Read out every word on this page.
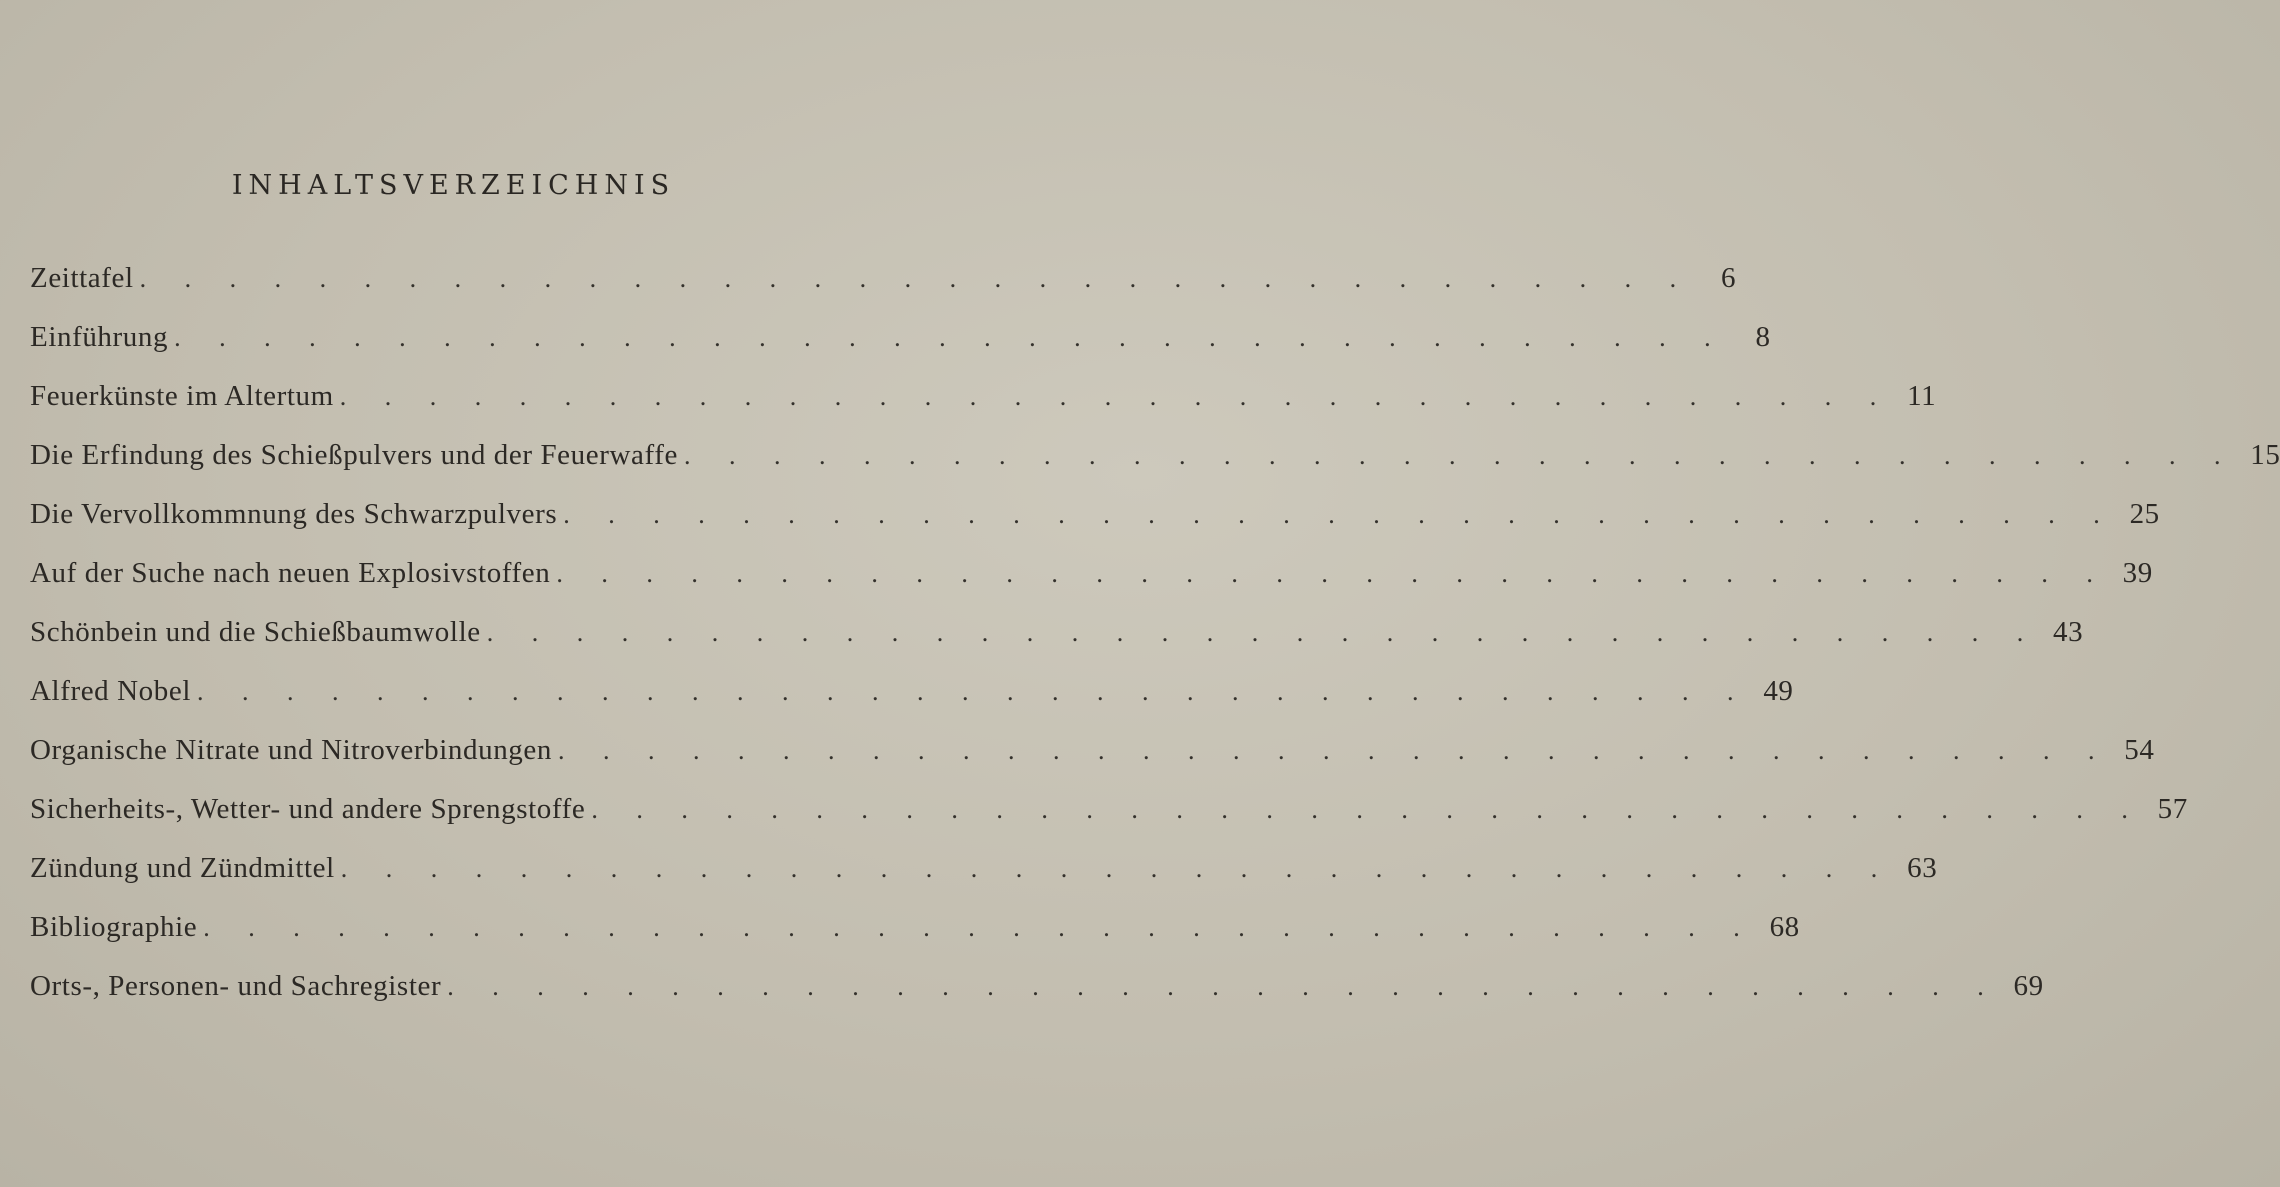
INHALTSVERZEICHNIS
Zeittafel . . . . . . . . . . . . . . . . . . . . . . . . . . . . . . . . . . . 6
Einführung . . . . . . . . . . . . . . . . . . . . . . . . . . . . . . . . . . . 8
Feuerkünste im Altertum . . . . . . . . . . . . . . . . . . . . . . . . . . . . . . . . . . . 11
Die Erfindung des Schießpulvers und der Feuerwaffe . . . . . . . . . . . . . . . . . . . . . . . . . . . . . . . . . . . 15
Die Vervollkommnung des Schwarzpulvers . . . . . . . . . . . . . . . . . . . . . . . . . . . . . . . . . . . 25
Auf der Suche nach neuen Explosivstoffen . . . . . . . . . . . . . . . . . . . . . . . . . . . . . . . . . . . 39
Schönbein und die Schießbaumwolle . . . . . . . . . . . . . . . . . . . . . . . . . . . . . . . . . . . 43
Alfred Nobel . . . . . . . . . . . . . . . . . . . . . . . . . . . . . . . . . . . 49
Organische Nitrate und Nitroverbindungen . . . . . . . . . . . . . . . . . . . . . . . . . . . . . . . . . . . 54
Sicherheits-, Wetter- und andere Sprengstoffe . . . . . . . . . . . . . . . . . . . . . . . . . . . . . . . . . . . 57
Zündung und Zündmittel . . . . . . . . . . . . . . . . . . . . . . . . . . . . . . . . . . . 63
Bibliographie . . . . . . . . . . . . . . . . . . . . . . . . . . . . . . . . . . . 68
Orts-, Personen- und Sachregister . . . . . . . . . . . . . . . . . . . . . . . . . . . . . . . . . . . 69
